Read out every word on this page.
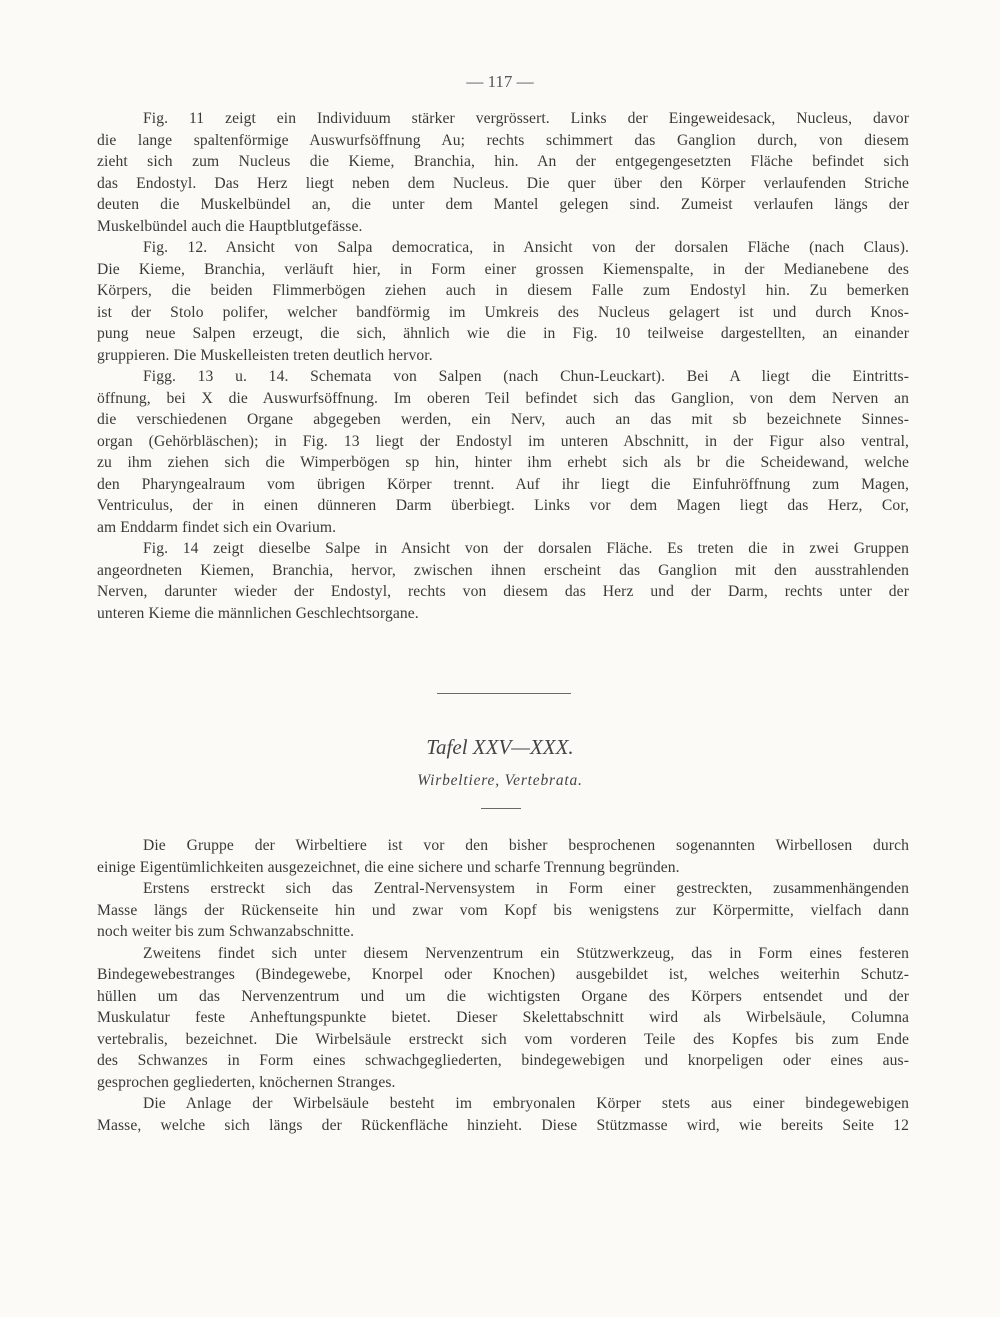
— 117 —
Fig. 11 zeigt ein Individuum stärker vergrössert. Links der Eingeweidesack, Nucleus, davor
die lange spaltenförmige Auswurfsöffnung Au; rechts schimmert das Ganglion durch, von diesem
zieht sich zum Nucleus die Kieme, Branchia, hin. An der entgegengesetzten Fläche befindet sich
das Endostyl. Das Herz liegt neben dem Nucleus. Die quer über den Körper verlaufenden Striche
deuten die Muskelbündel an, die unter dem Mantel gelegen sind. Zumeist verlaufen längs der
Muskelbündel auch die Hauptblutgefässe.
Fig. 12. Ansicht von Salpa democratica, in Ansicht von der dorsalen Fläche (nach Claus).
Die Kieme, Branchia, verläuft hier, in Form einer grossen Kiemenspalte, in der Medianebene des
Körpers, die beiden Flimmerbögen ziehen auch in diesem Falle zum Endostyl hin. Zu bemerken
ist der Stolo polifer, welcher bandförmig im Umkreis des Nucleus gelagert ist und durch Knos-
pung neue Salpen erzeugt, die sich, ähnlich wie die in Fig. 10 teilweise dargestellten, an einander
gruppieren. Die Muskelleisten treten deutlich hervor.
Figg. 13 u. 14. Schemata von Salpen (nach Chun-Leuckart). Bei A liegt die Eintritts-
öffnung, bei X die Auswurfsöffnung. Im oberen Teil befindet sich das Ganglion, von dem Nerven an
die verschiedenen Organe abgegeben werden, ein Nerv, auch an das mit sb bezeichnete Sinnes-
organ (Gehörbläschen); in Fig. 13 liegt der Endostyl im unteren Abschnitt, in der Figur also ventral,
zu ihm ziehen sich die Wimperbögen sp hin, hinter ihm erhebt sich als br die Scheidewand, welche
den Pharyngealraum vom übrigen Körper trennt. Auf ihr liegt die Einfuhröffnung zum Magen,
Ventriculus, der in einen dünneren Darm überbiegt. Links vor dem Magen liegt das Herz, Cor,
am Enddarm findet sich ein Ovarium.
Fig. 14 zeigt dieselbe Salpe in Ansicht von der dorsalen Fläche. Es treten die in zwei Gruppen
angeordneten Kiemen, Branchia, hervor, zwischen ihnen erscheint das Ganglion mit den ausstrahlenden
Nerven, darunter wieder der Endostyl, rechts von diesem das Herz und der Darm, rechts unter der
unteren Kieme die männlichen Geschlechtsorgane.
Tafel XXV—XXX.
Wirbeltiere, Vertebrata.
Die Gruppe der Wirbeltiere ist vor den bisher besprochenen sogenannten Wirbellosen durch
einige Eigentümlichkeiten ausgezeichnet, die eine sichere und scharfe Trennung begründen.
Erstens erstreckt sich das Zentral-Nervensystem in Form einer gestreckten, zusammenhängenden
Masse längs der Rückenseite hin und zwar vom Kopf bis wenigstens zur Körpermitte, vielfach dann
noch weiter bis zum Schwanzabschnitte.
Zweitens findet sich unter diesem Nervenzentrum ein Stützwerkzeug, das in Form eines festeren
Bindegewebestranges (Bindegewebe, Knorpel oder Knochen) ausgebildet ist, welches weiterhin Schutz-
hüllen um das Nervenzentrum und um die wichtigsten Organe des Körpers entsendet und der
Muskulatur feste Anheftungspunkte bietet. Dieser Skelettabschnitt wird als Wirbelsäule, Columna
vertebralis, bezeichnet. Die Wirbelsäule erstreckt sich vom vorderen Teile des Kopfes bis zum Ende
des Schwanzes in Form eines schwachgegliederten, bindegewebigen und knorpeligen oder eines aus-
gesprochen gegliederten, knöchernen Stranges.
Die Anlage der Wirbelsäule besteht im embryonalen Körper stets aus einer bindegewebigen
Masse, welche sich längs der Rückenfläche hinzieht. Diese Stützmasse wird, wie bereits Seite 12
